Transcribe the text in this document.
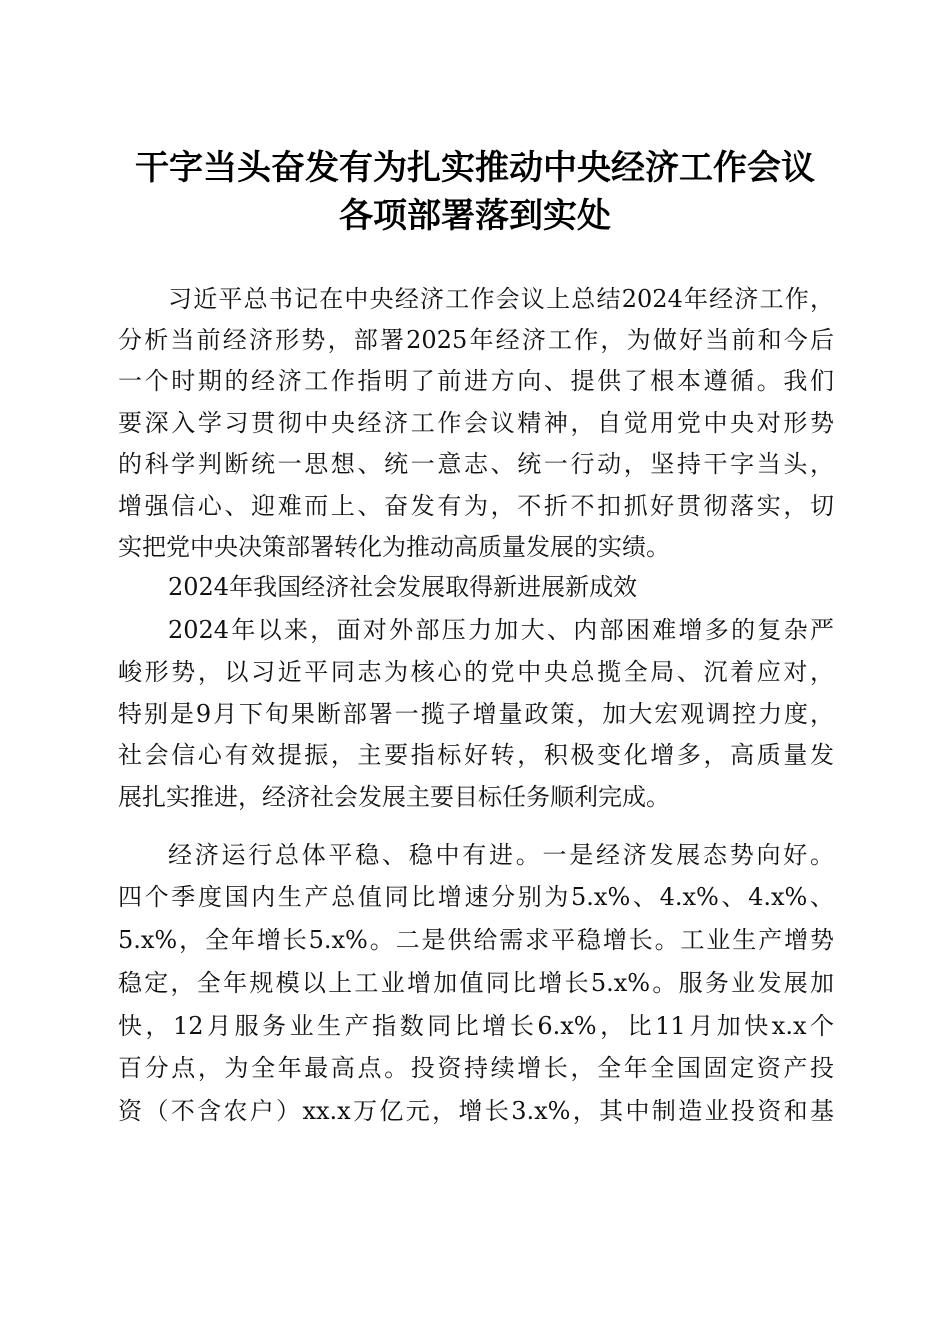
干字当头奋发有为扎实推动中央经济工作会议
各项部署落到实处
习近平总书记在中央经济工作会议上总结2024年经济工作，
分析当前经济形势，部署2025年经济工作，为做好当前和今后
一个时期的经济工作指明了前进方向、提供了根本遵循。我们
要深入学习贯彻中央经济工作会议精神，自觉用党中央对形势
的科学判断统一思想、统一意志、统一行动，坚持干字当头，
增强信心、迎难而上、奋发有为，不折不扣抓好贯彻落实，切
实把党中央决策部署转化为推动高质量发展的实绩。
2024年我国经济社会发展取得新进展新成效
2024年以来，面对外部压力加大、内部困难增多的复杂严
峻形势，以习近平同志为核心的党中央总揽全局、沉着应对，
特别是9月下旬果断部署一揽子增量政策，加大宏观调控力度，
社会信心有效提振，主要指标好转，积极变化增多，高质量发
展扎实推进，经济社会发展主要目标任务顺利完成。
经济运行总体平稳、稳中有进。一是经济发展态势向好。
四个季度国内生产总值同比增速分别为5.x%、4.x%、4.x%、
5.x%，全年增长5.x%。二是供给需求平稳增长。工业生产增势
稳定，全年规模以上工业增加值同比增长5.x%。服务业发展加
快，12月服务业生产指数同比增长6.x%，比11月加快x.x个
百分点，为全年最高点。投资持续增长，全年全国固定资产投
资（不含农户）xx.x万亿元，增长3.x%，其中制造业投资和基
